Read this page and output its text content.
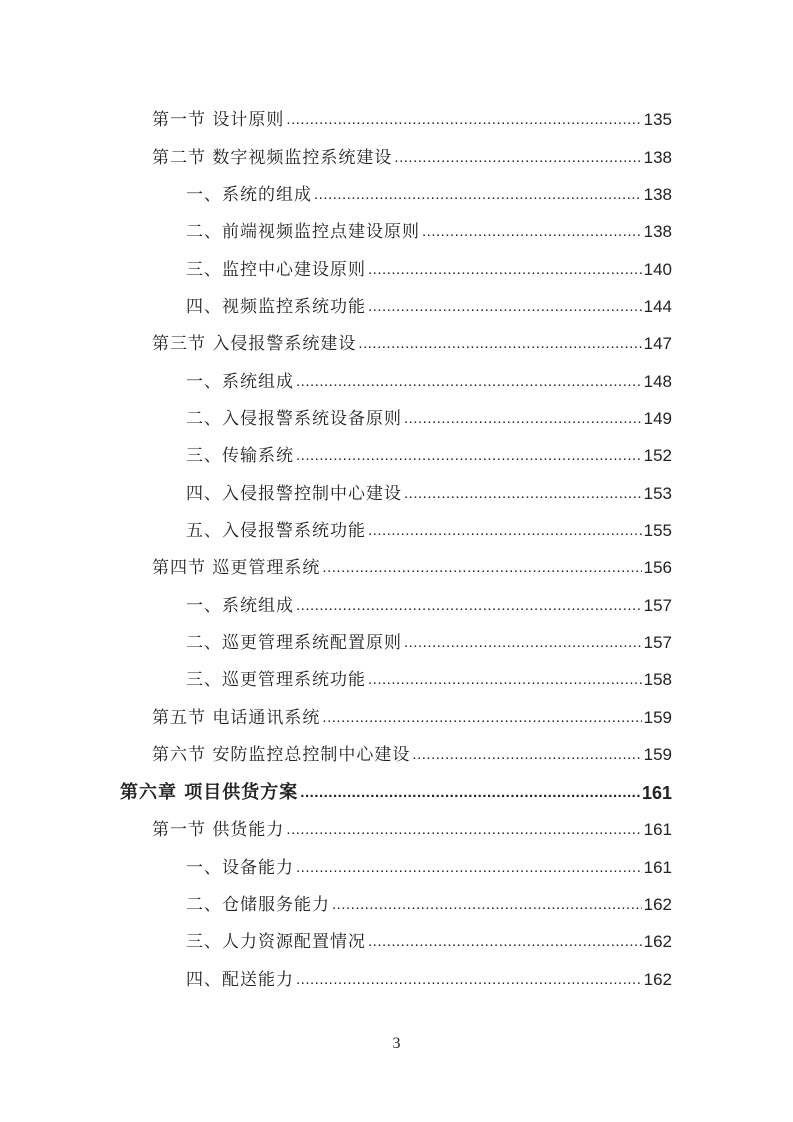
第一节 设计原则 .....	135
第二节 数字视频监控系统建设 .....	138
一、系统的组成 .....	138
二、前端视频监控点建设原则 .....	138
三、监控中心建设原则 .....	140
四、视频监控系统功能 .....	144
第三节 入侵报警系统建设 .....	147
一、系统组成 .....	148
二、入侵报警系统设备原则 .....	149
三、传输系统 .....	152
四、入侵报警控制中心建设 .....	153
五、入侵报警系统功能 .....	155
第四节 巡更管理系统 .....	156
一、系统组成 .....	157
二、巡更管理系统配置原则 .....	157
三、巡更管理系统功能 .....	158
第五节 电话通讯系统 .....	159
第六节 安防监控总控制中心建设 .....	159
第六章 项目供货方案 .....	161
第一节 供货能力 .....	161
一、设备能力 .....	161
二、仓储服务能力 .....	162
三、人力资源配置情况 .....	162
四、配送能力 .....	162
3
